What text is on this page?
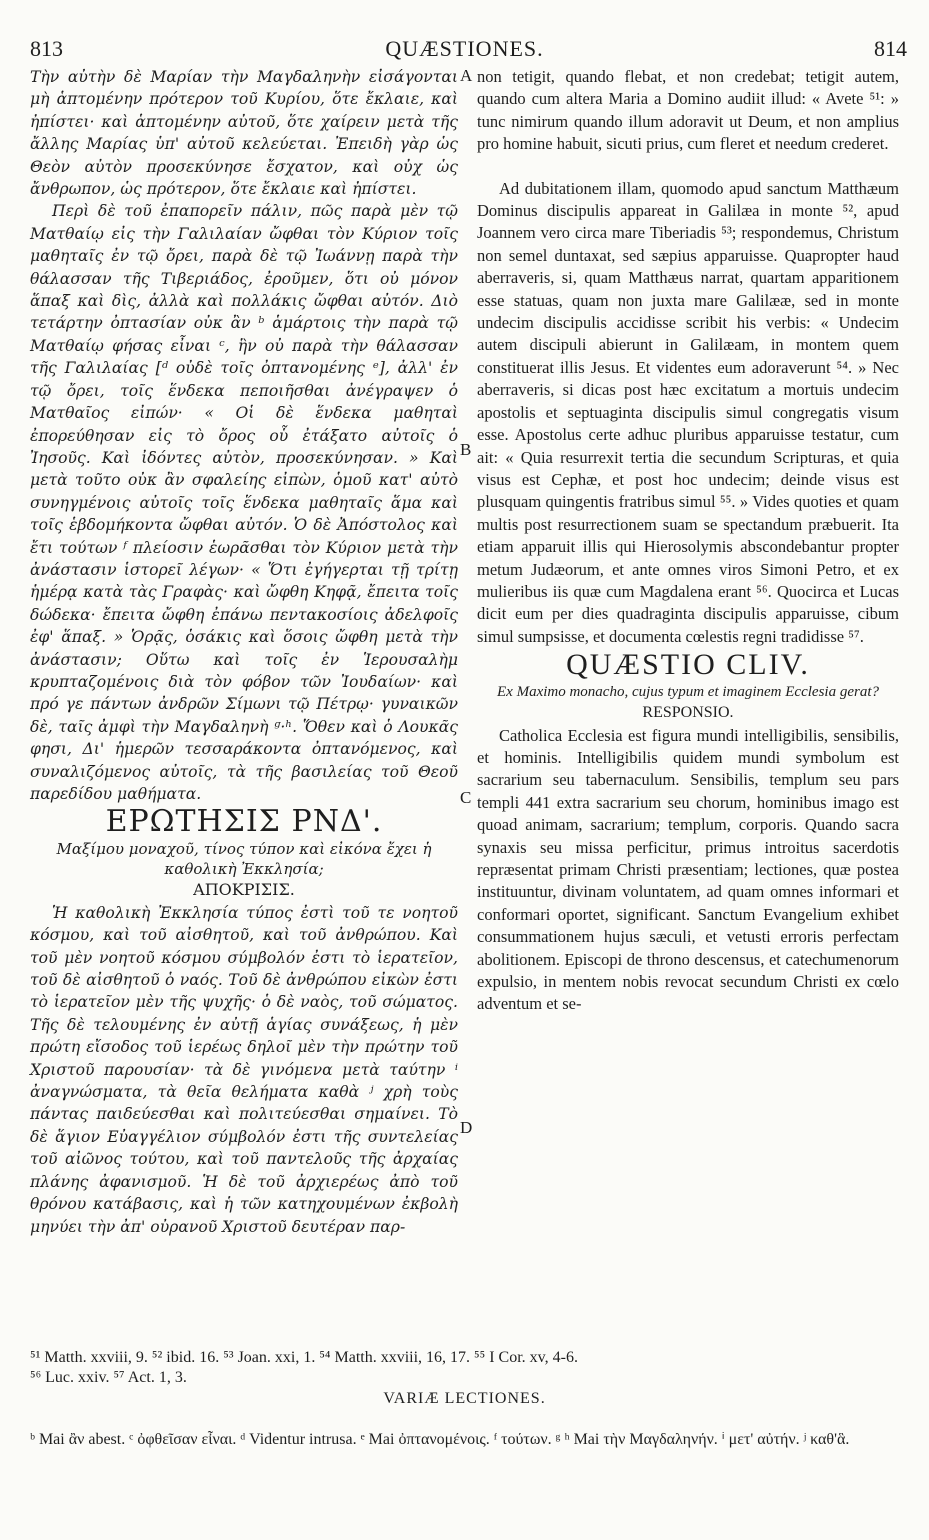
813	QUÆSTIONES.	814

Τὴν αὐτὴν δὲ Μαρίαν τὴν Μαγδαληνὴν εἰσάγονται μὴ ἁπτομένην πρότερον τοῦ Κυρίου, ὅτε ἔκλαιε, καὶ ἠπίστει· καὶ ἁπτομένην αὐτοῦ, ὅτε χαίρειν μετὰ τῆς ἄλλης Μαρίας ὑπ' αὐτοῦ κελεύεται. Ἐπειδὴ γὰρ ὡς Θεὸν αὐτὸν προσεκύνησε ἔσχατον, καὶ οὐχ ὡς ἄνθρωπον, ὡς πρότερον, ὅτε ἔκλαιε καὶ ἠπίστει.

Περὶ δὲ τοῦ ἐπαπορεῖν πάλιν, πῶς παρὰ μὲν τῷ Ματθαίῳ εἰς τὴν Γαλιλαίαν ὤφθαι τὸν Κύριον τοῖς μαθηταῖς ἐν τῷ ὄρει, παρὰ δὲ τῷ Ἰωάννῃ παρὰ τὴν θάλασσαν τῆς Τιβεριάδος, ἐροῦμεν, ὅτι οὐ μόνον ἅπαξ καὶ δὶς, ἀλλὰ καὶ πολλάκις ὤφθαι αὐτόν. Διὸ τετάρτην ὀπτασίαν οὐκ ἂν ᵇ ἁμάρτοις τὴν παρὰ τῷ Ματθαίῳ φήσας εἶναι ᶜ, ἣν οὐ παρὰ τὴν θάλασσαν τῆς Γαλιλαίας [ᵈ οὐδὲ τοῖς ὀπτανομένης ᵉ], ἀλλ' ἐν τῷ ὄρει, τοῖς ἕνδεκα πεποιῆσθαι ἀνέγραψεν ὁ Ματθαῖος εἰπών· « Οἱ δὲ ἕνδεκα μαθηταὶ ἐπορεύθησαν εἰς τὸ ὄρος οὗ ἐτάξατο αὐτοῖς ὁ Ἰησοῦς. Καὶ ἰδόντες αὐτὸν, προσεκύνησαν. » Καὶ μετὰ τοῦτο οὐκ ἂν σφαλείης εἰπὼν, ὁμοῦ κατ' αὐτὸ συνηγμένοις αὐτοῖς τοῖς ἕνδεκα μαθηταῖς ἅμα καὶ τοῖς ἑβδομήκοντα ὤφθαι αὐτόν. Ὁ δὲ Ἀπόστολος καὶ ἔτι τούτων ᶠ πλείοσιν ἑωρᾶσθαι τὸν Κύριον μετὰ τὴν ἀνάστασιν ἱστορεῖ λέγων· « Ὅτι ἐγήγερται τῇ τρίτῃ ἡμέρᾳ κατὰ τὰς Γραφὰς· καὶ ὤφθη Κηφᾷ, ἔπειτα τοῖς δώδεκα· ἔπειτα ὤφθη ἐπάνω πεντακοσίοις ἀδελφοῖς ἐφ' ἅπαξ. » Ὁρᾷς, ὁσάκις καὶ ὅσοις ὤφθη μετὰ τὴν ἀνάστασιν; Οὕτω καὶ τοῖς ἐν Ἱερουσαλὴμ κρυπταζομένοις διὰ τὸν φόβον τῶν Ἰουδαίων· καὶ πρό γε πάντων ἀνδρῶν Σίμωνι τῷ Πέτρῳ· γυναικῶν δὲ, ταῖς ἀμφὶ τὴν Μαγδαληνὴ ᵍ·ʰ. Ὅθεν καὶ ὁ Λουκᾶς φησι, Δι' ἡμερῶν τεσσαράκοντα ὀπτανόμενος, καὶ συναλιζόμενος αὐτοῖς, τὰ τῆς βασιλείας τοῦ Θεοῦ παρεδίδου μαθήματα.

ΕΡΩΤΗΣΙΣ ΡΝΔ'.

Μαξίμου μοναχοῦ, τίνος τύπον καὶ εἰκόνα ἔχει ἡ καθολικὴ Ἐκκλησία;

ΑΠΟΚΡΙΣΙΣ.

Ἡ καθολικὴ Ἐκκλησία τύπος ἐστὶ τοῦ τε νοητοῦ κόσμου, καὶ τοῦ αἰσθητοῦ, καὶ τοῦ ἀνθρώπου. Καὶ τοῦ μὲν νοητοῦ κόσμου σύμβολόν ἐστι τὸ ἱερατεῖον, τοῦ δὲ αἰσθητοῦ ὁ ναός. Τοῦ δὲ ἀνθρώπου εἰκὼν ἐστι τὸ ἱερατεῖον μὲν τῆς ψυχῆς· ὁ δὲ ναὸς, τοῦ σώματος. Τῆς δὲ τελουμένης ἐν αὐτῇ ἁγίας συνάξεως, ἡ μὲν πρώτη εἴσοδος τοῦ ἱερέως δηλοῖ μὲν τὴν πρώτην τοῦ Χριστοῦ παρουσίαν· τὰ δὲ γινόμενα μετὰ ταύτην ⁱ ἀναγνώσματα, τὰ θεῖα θελήματα καθὰ ʲ χρὴ τοὺς πάντας παιδεύεσθαι καὶ πολιτεύεσθαι σημαίνει. Τὸ δὲ ἅγιον Εὐαγγέλιον σύμβολόν ἐστι τῆς συντελείας τοῦ αἰῶνος τούτου, καὶ τοῦ παντελοῦς τῆς ἀρχαίας πλάνης ἀφανισμοῦ. Ἡ δὲ τοῦ ἀρχιερέως ἀπὸ τοῦ θρόνου κατάβασις, καὶ ἡ τῶν κατηχουμένων ἐκβολὴ μηνύει τὴν ἀπ' οὐρανοῦ Χριστοῦ δευτέραν παρ-

A
B
C
D

non tetigit, quando flebat, et non credebat; tetigit autem, quando cum altera Maria a Domino audiit illud: « Avete ⁵¹: » tunc nimirum quando illum adoravit ut Deum, et non amplius pro homine habuit, sicuti prius, cum fleret et needum crederet.

Ad dubitationem illam, quomodo apud sanctum Matthæum Dominus discipulis appareat in Galilæa in monte ⁵², apud Joannem vero circa mare Tiberiadis ⁵³; respondemus, Christum non semel duntaxat, sed sæpius apparuisse. Quapropter haud aberraveris, si, quam Matthæus narrat, quartam apparitionem esse statuas, quam non juxta mare Galilææ, sed in monte undecim discipulis accidisse scribit his verbis: « Undecim autem discipuli abierunt in Galilæam, in montem quem constituerat illis Jesus. Et videntes eum adoraverunt ⁵⁴. » Nec aberraveris, si dicas post hæc excitatum a mortuis undecim apostolis et septuaginta discipulis simul congregatis visum esse. Apostolus certe adhuc pluribus apparuisse testatur, cum ait: « Quia resurrexit tertia die secundum Scripturas, et quia visus est Cephæ, et post hoc undecim; deinde visus est plusquam quingentis fratribus simul ⁵⁵. » Vides quoties et quam multis post resurrectionem suam se spectandum præbuerit. Ita etiam apparuit illis qui Hierosolymis abscondebantur propter metum Judæorum, et ante omnes viros Simoni Petro, et ex mulieribus iis quæ cum Magdalena erant ⁵⁶. Quocirca et Lucas dicit eum per dies quadraginta discipulis apparuisse, cibum simul sumpsisse, et documenta cœlestis regni tradidisse ⁵⁷.

QUÆSTIO CLIV.

Ex Maximo monacho, cujus typum et imaginem Ecclesia gerat?

RESPONSIO.

Catholica Ecclesia est figura mundi intelligibilis, sensibilis, et hominis. Intelligibilis quidem mundi symbolum est sacrarium seu tabernaculum. Sensibilis, templum seu pars templi 441 extra sacrarium seu chorum, hominibus imago est quoad animam, sacrarium; templum, corporis. Quando sacra synaxis seu missa perficitur, primus introitus sacerdotis repræsentat primam Christi præsentiam; lectiones, quæ postea instituuntur, divinam voluntatem, ad quam omnes informari et conformari oportet, significant. Sanctum Evangelium exhibet consummationem hujus sæculi, et vetusti erroris perfectam abolitionem. Episcopi de throno descensus, et catechumenorum expulsio, in mentem nobis revocat secundum Christi ex cœlo adventum et se-

⁵¹ Matth. xxviii, 9. ⁵² ibid. 16. ⁵³ Joan. xxi, 1. ⁵⁴ Matth. xxviii, 16, 17. ⁵⁵ I Cor. xv, 4-6.
⁵⁶ Luc. xxiv. ⁵⁷ Act. 1, 3.
VARIÆ LECTIONES.
ᵇ Mai ἂν abest. ᶜ ὀφθεῖσαν εἶναι. ᵈ Videntur intrusa. ᵉ Mai ὀπτανομένοις. ᶠ τούτων. ᵍ ʰ Mai τὴν Μαγδαληνήν. ⁱ μετ' αὐτήν. ʲ καθ'ἃ.
